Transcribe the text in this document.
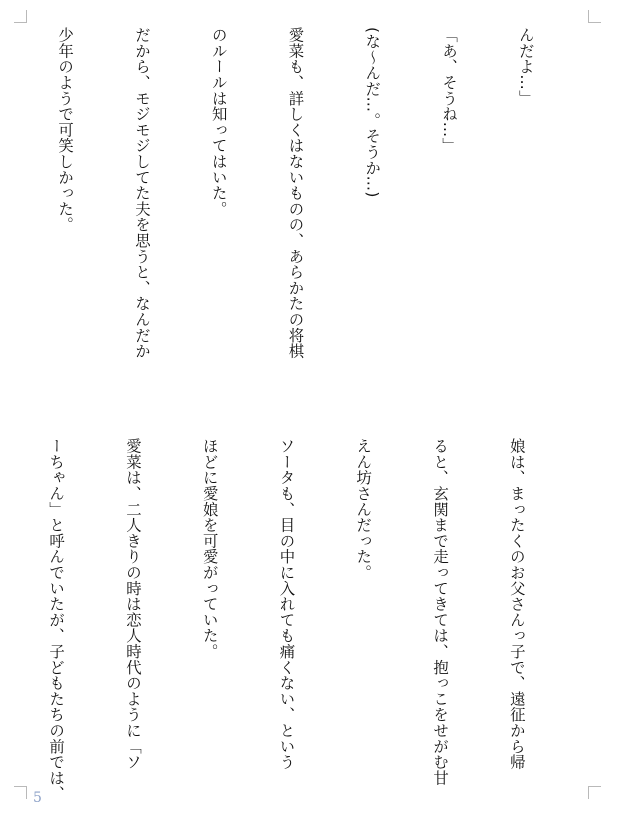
んだよ…」

「あ、そうね…」

(な～んだ…。そうか…)

愛菜も、詳しくはないものの、あらかたの将棋

のルールは知ってはいた。

だから、モジモジしてた夫を思うと、なんだか

少年のようで可笑しかった。

娘は、まったくのお父さんっ子で、遠征から帰

ると、玄関まで走ってきては、抱っこをせがむ甘

えん坊さんだった。

ソータも、目の中に入れても痛くない、という

ほどに愛娘を可愛がっていた。

愛菜は、二人きりの時は恋人時代のように「ソ

ーちゃん」と呼んでいたが、子どもたちの前では、

5
